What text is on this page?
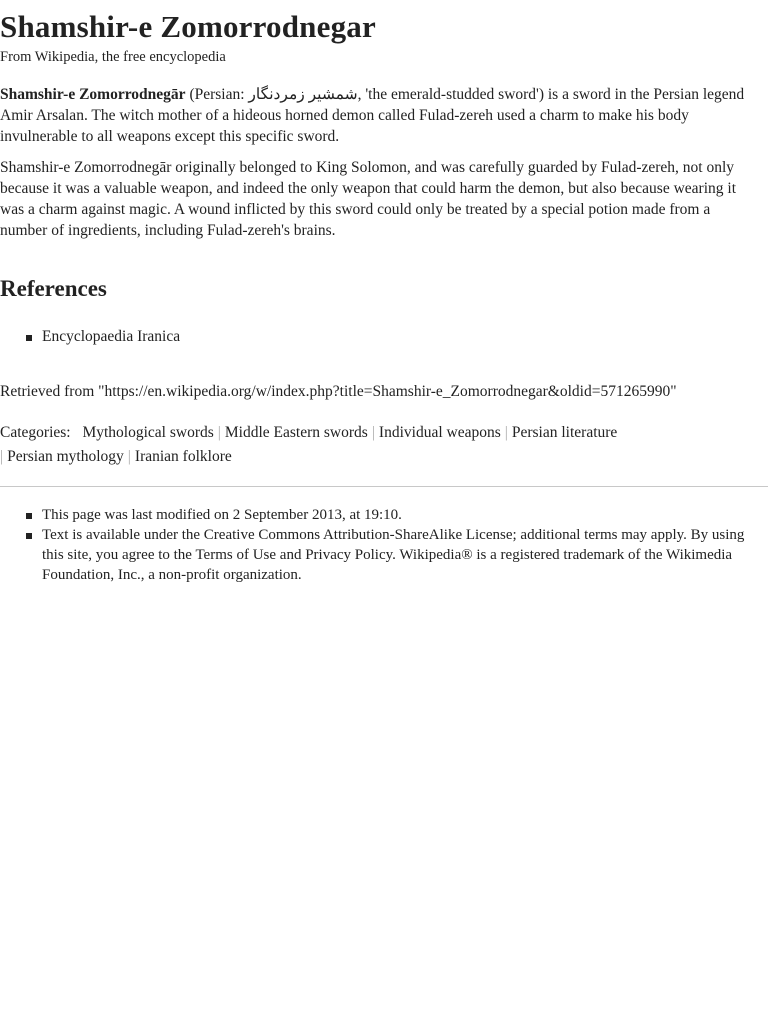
Shamshir-e Zomorrodnegar
From Wikipedia, the free encyclopedia

Shamshir-e Zomorrodnegār (Persian: شمشیر زمردنگار, 'the emerald-studded sword') is a sword in the Persian legend Amir Arsalan. The witch mother of a hideous horned demon called Fulad-zereh used a charm to make his body invulnerable to all weapons except this specific sword.

Shamshir-e Zomorrodnegār originally belonged to King Solomon, and was carefully guarded by Fulad-zereh, not only because it was a valuable weapon, and indeed the only weapon that could harm the demon, but also because wearing it was a charm against magic. A wound inflicted by this sword could only be treated by a special potion made from a number of ingredients, including Fulad-zereh's brains.

References
Encyclopaedia Iranica
Retrieved from "https://en.wikipedia.org/w/index.php?title=Shamshir-e_Zomorrodnegar&oldid=571265990"
Categories: Mythological swords | Middle Eastern swords | Individual weapons | Persian literature
| Persian mythology | Iranian folklore
This page was last modified on 2 September 2013, at 19:10.
Text is available under the Creative Commons Attribution-ShareAlike License; additional terms may apply. By using this site, you agree to the Terms of Use and Privacy Policy. Wikipedia® is a registered trademark of the Wikimedia Foundation, Inc., a non-profit organization.
